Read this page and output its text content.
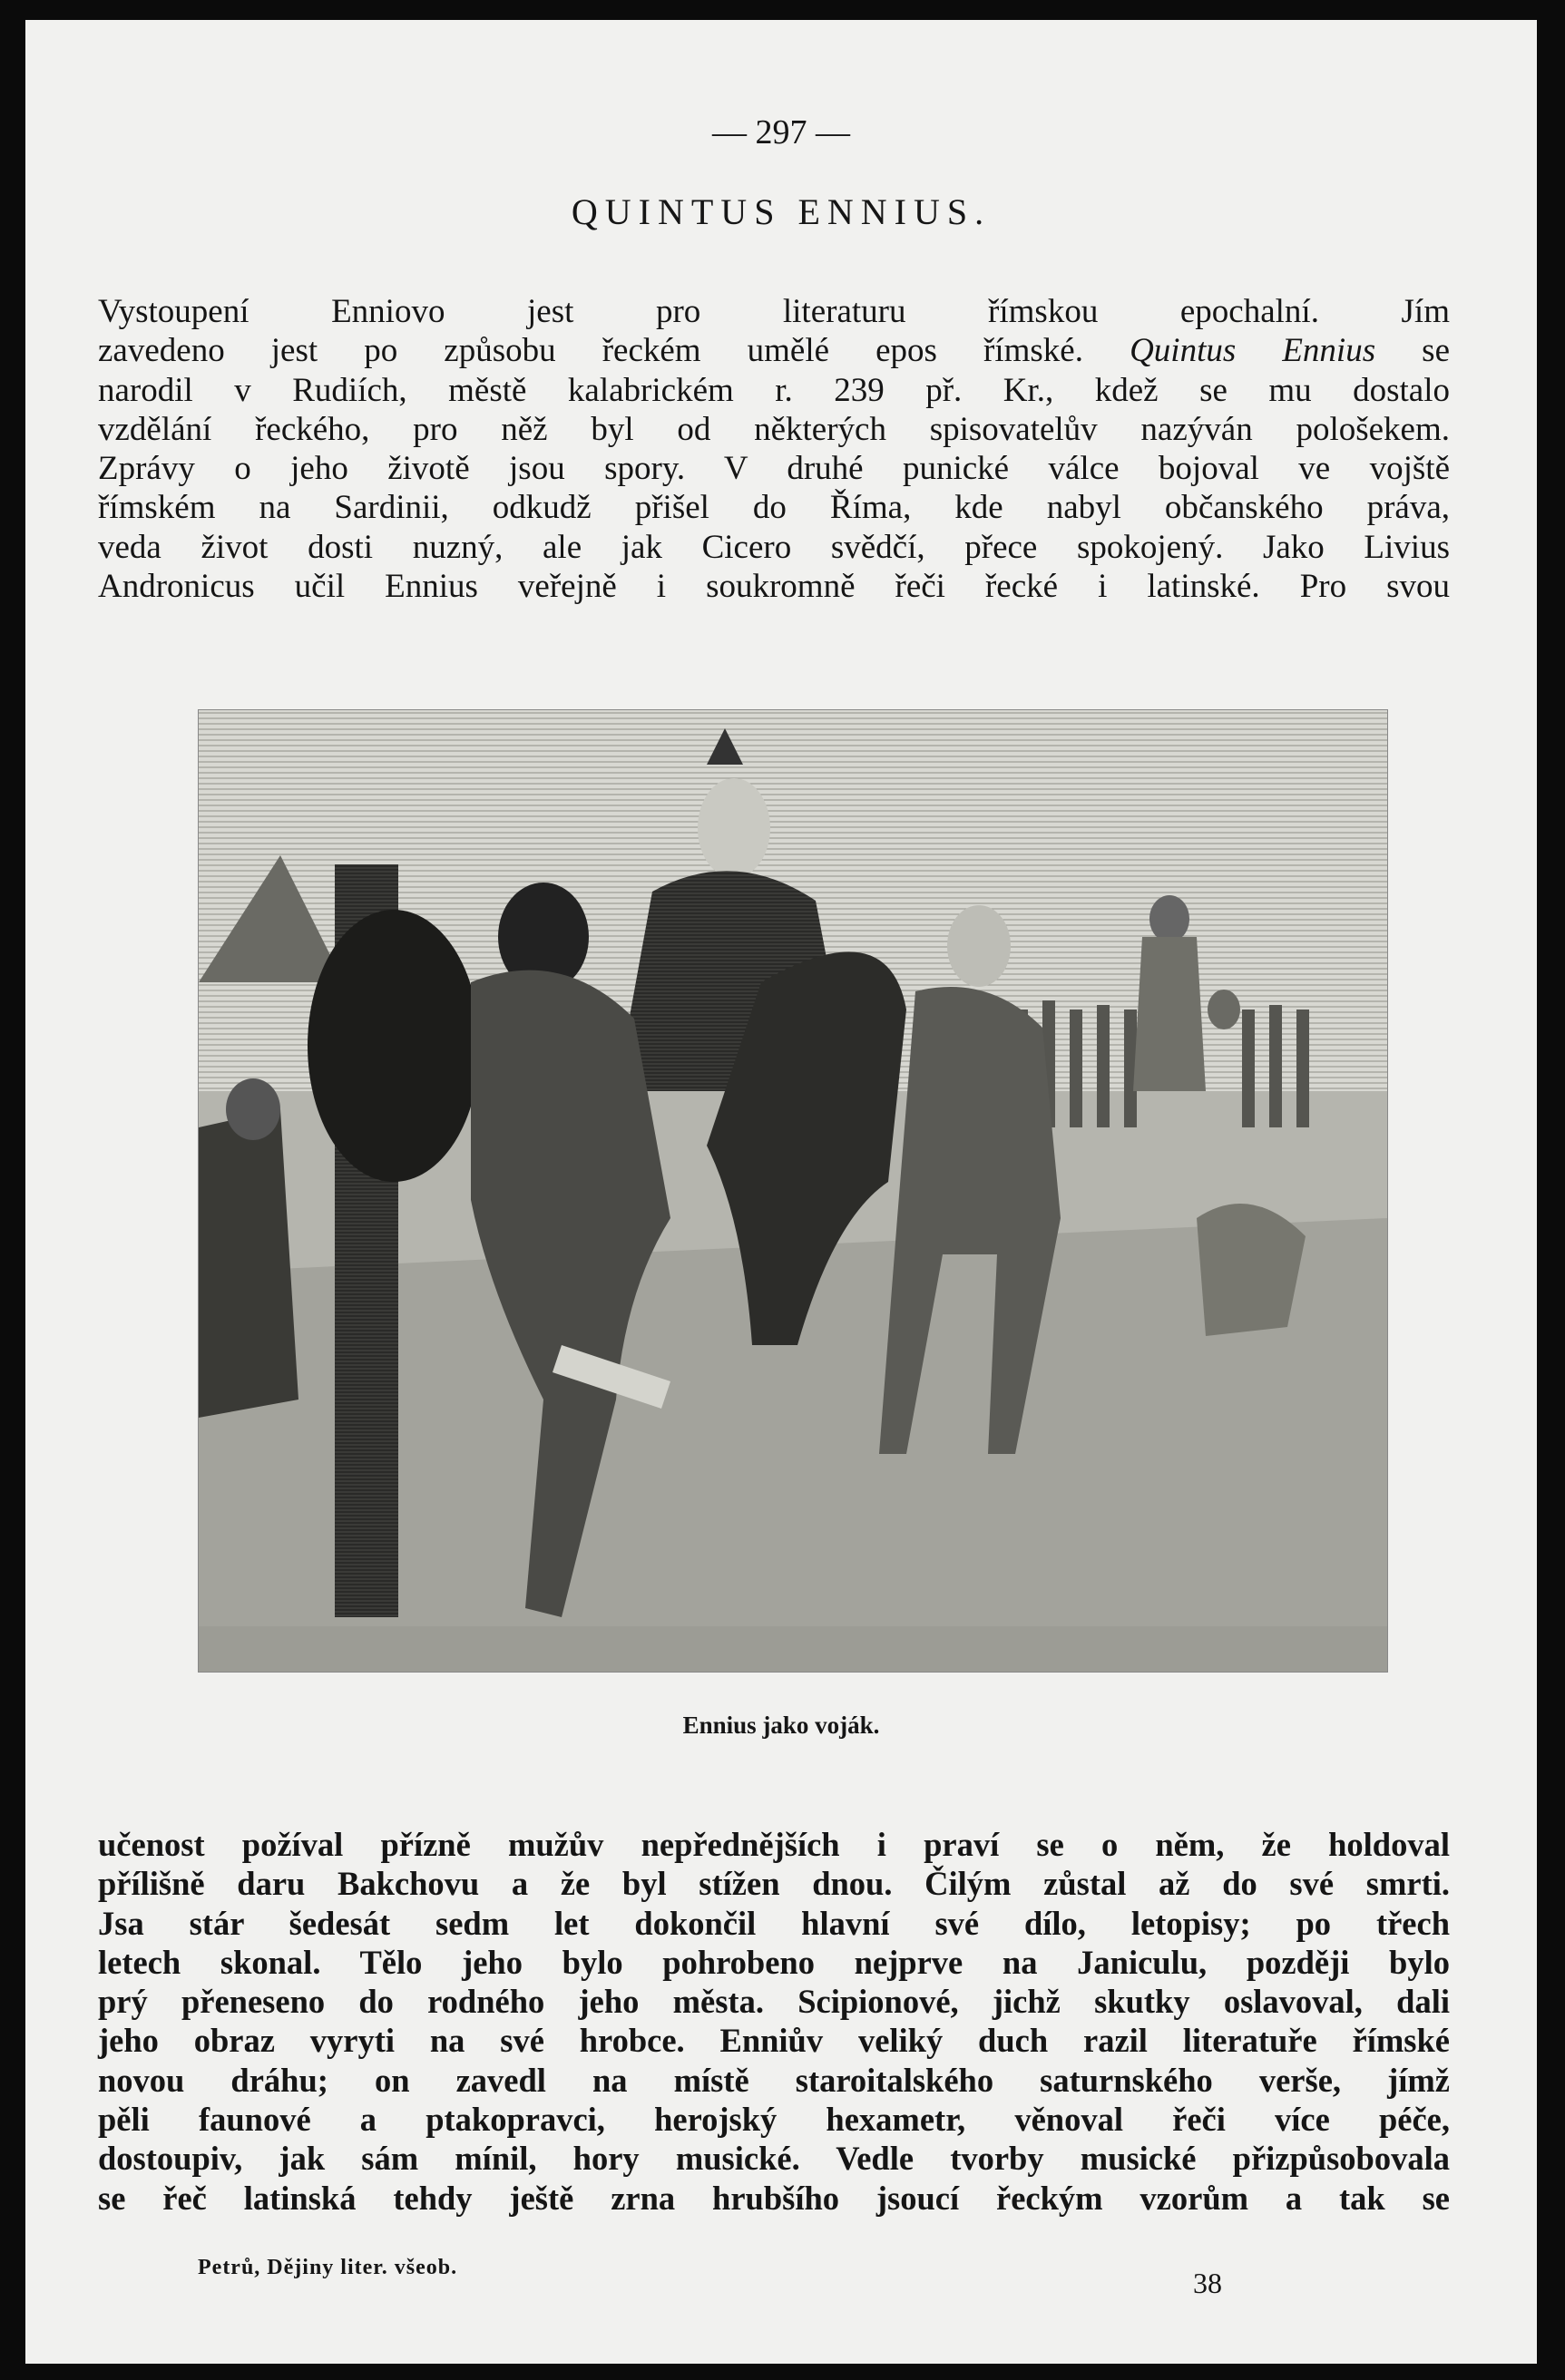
— 297 —
QUINTUS ENNIUS.
Vystoupení Enniovo jest pro literaturu římskou epochalní. Jím
zavedeno jest po způsobu řeckém umělé epos římské. Quintus Ennius se
narodil v Rudiích, městě kalabrickém r. 239 př. Kr., kdež se mu dostalo
vzdělání řeckého, pro něž byl od některých spisovatelův nazýván pološekem.
Zprávy o jeho životě jsou spory. V druhé punické válce bojoval ve vojště
římském na Sardinii, odkudž přišel do Říma, kde nabyl občanského práva,
veda život dosti nuzný, ale jak Cicero svědčí, přece spokojený. Jako Livius
Andronicus učil Ennius veřejně i soukromně řeči řecké i latinské. Pro svou
Ennius jako voják.
učenost požíval přízně mužův nepřednějších i praví se o něm, že holdoval
přílišně daru Bakchovu a že byl stížen dnou. Čilým zůstal až do své smrti.
Jsa stár šedesát sedm let dokončil hlavní své dílo, letopisy; po třech
letech skonal. Tělo jeho bylo pohrobeno nejprve na Janiculu, později bylo
prý přeneseno do rodného jeho města. Scipionové, jichž skutky oslavoval, dali
jeho obraz vyryti na své hrobce. Enniův veliký duch razil literatuře římské
novou dráhu; on zavedl na místě staroitalského saturnského verše, jímž
pěli faunové a ptakopravci, herojský hexametr, věnoval řeči více péče,
dostoupiv, jak sám mínil, hory musické. Vedle tvorby musické přizpůsobovala
se řeč latinská tehdy ještě zrna hrubšího jsoucí řeckým vzorům a tak se
Petrů, Dějiny liter. všeob.	38
